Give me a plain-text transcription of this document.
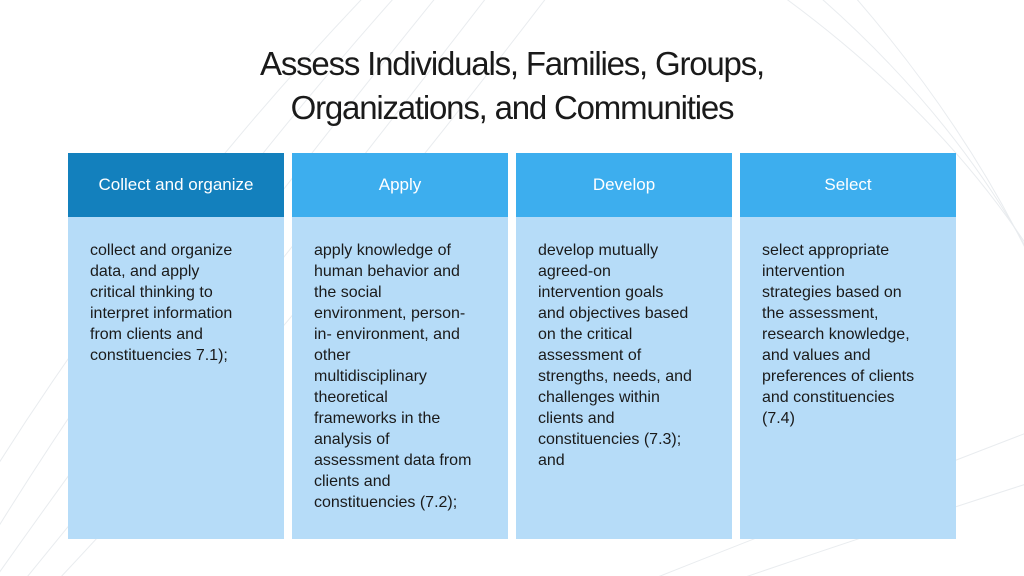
Assess Individuals, Families, Groups,
Organizations, and Communities
Collect and organize
collect and organize
data, and apply
critical thinking to
interpret information
from clients and
constituencies 7.1);
Apply
apply knowledge of
human behavior and
the social
environment, person-
in- environment, and
other
multidisciplinary
theoretical
frameworks in the
analysis of
assessment data from
clients and
constituencies (7.2);
Develop
develop mutually
agreed-on
intervention goals
and objectives based
on the critical
assessment of
strengths, needs, and
challenges within
clients and
constituencies (7.3);
and
Select
select appropriate
intervention
strategies based on
the assessment,
research knowledge,
and values and
preferences of clients
and constituencies
(7.4)
